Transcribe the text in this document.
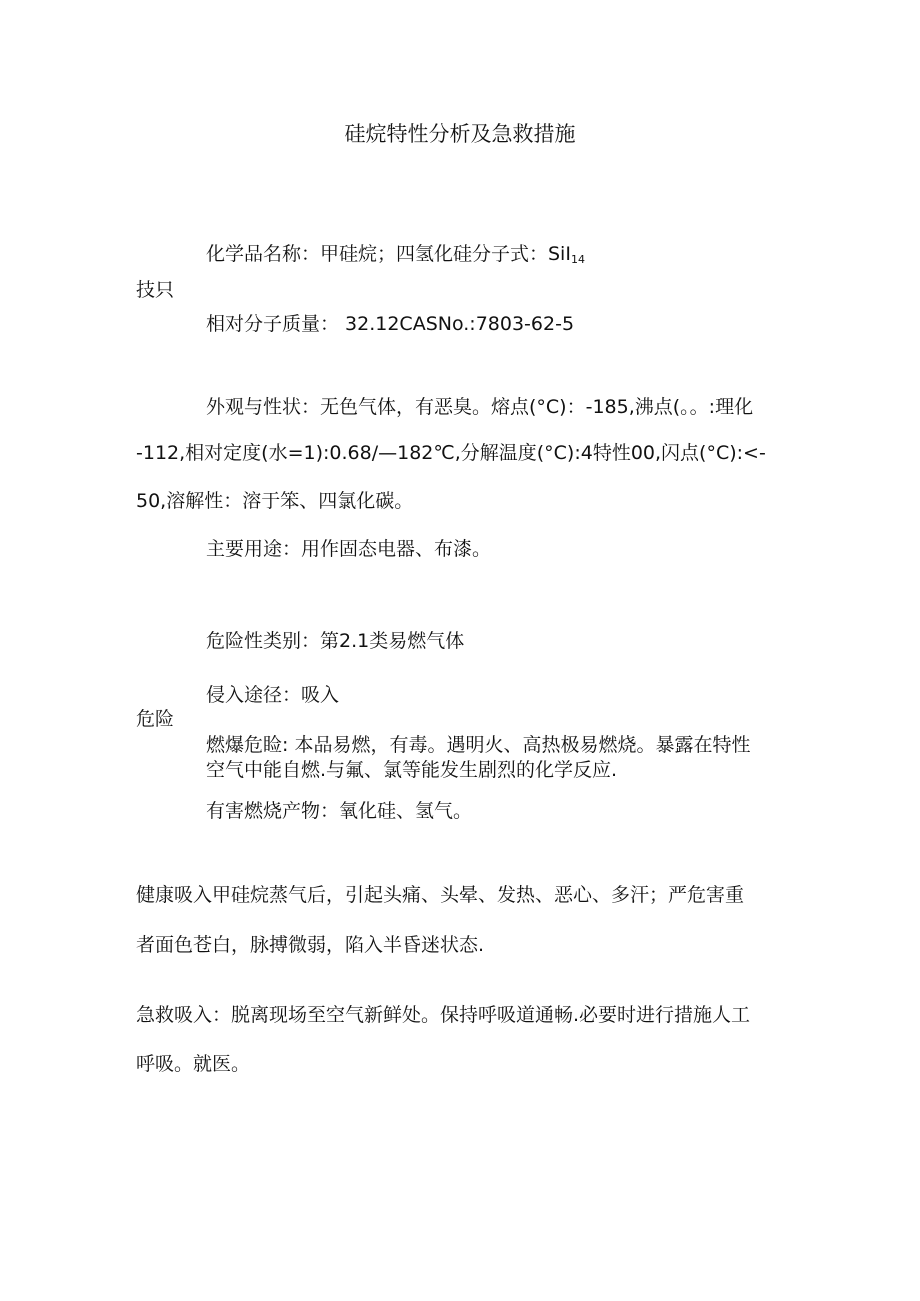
硅烷特性分析及急救措施
化学品名称：甲硅烷；四氢化硅分子式：SiI$_{14}$
技只
相对分子质量： 32.12CASNo.:7803-62-5
外观与性状：无色气体，有恶臭。熔点(°C)：-185,沸点(。。:理化
-112,相对定度(水=1):0.68/—182℃,分解温度(°C):4特性00,闪点(°C):<-
50,溶解性：溶于笨、四氯化碳。
主要用途：用作固态电器、布漆。
危险性类别：第2.1类易燃气体
侵入途径：吸入
危险
燃爆危睑: 本品易燃，有毒。遇明火、高热极易燃烧。暴露在特性
空气中能自燃.与氟、氯等能发生剧烈的化学反应.
有害燃烧产物：氧化硅、氢气。
健康吸入甲硅烷蒸气后，引起头痛、头晕、发热、恶心、多汗；严危害重
者面色苍白，脉搏微弱，陷入半昏迷状态.
急救吸入：脱离现场至空气新鲜处。保持呼吸道通畅.必要时进行措施人工
呼吸。就医。
